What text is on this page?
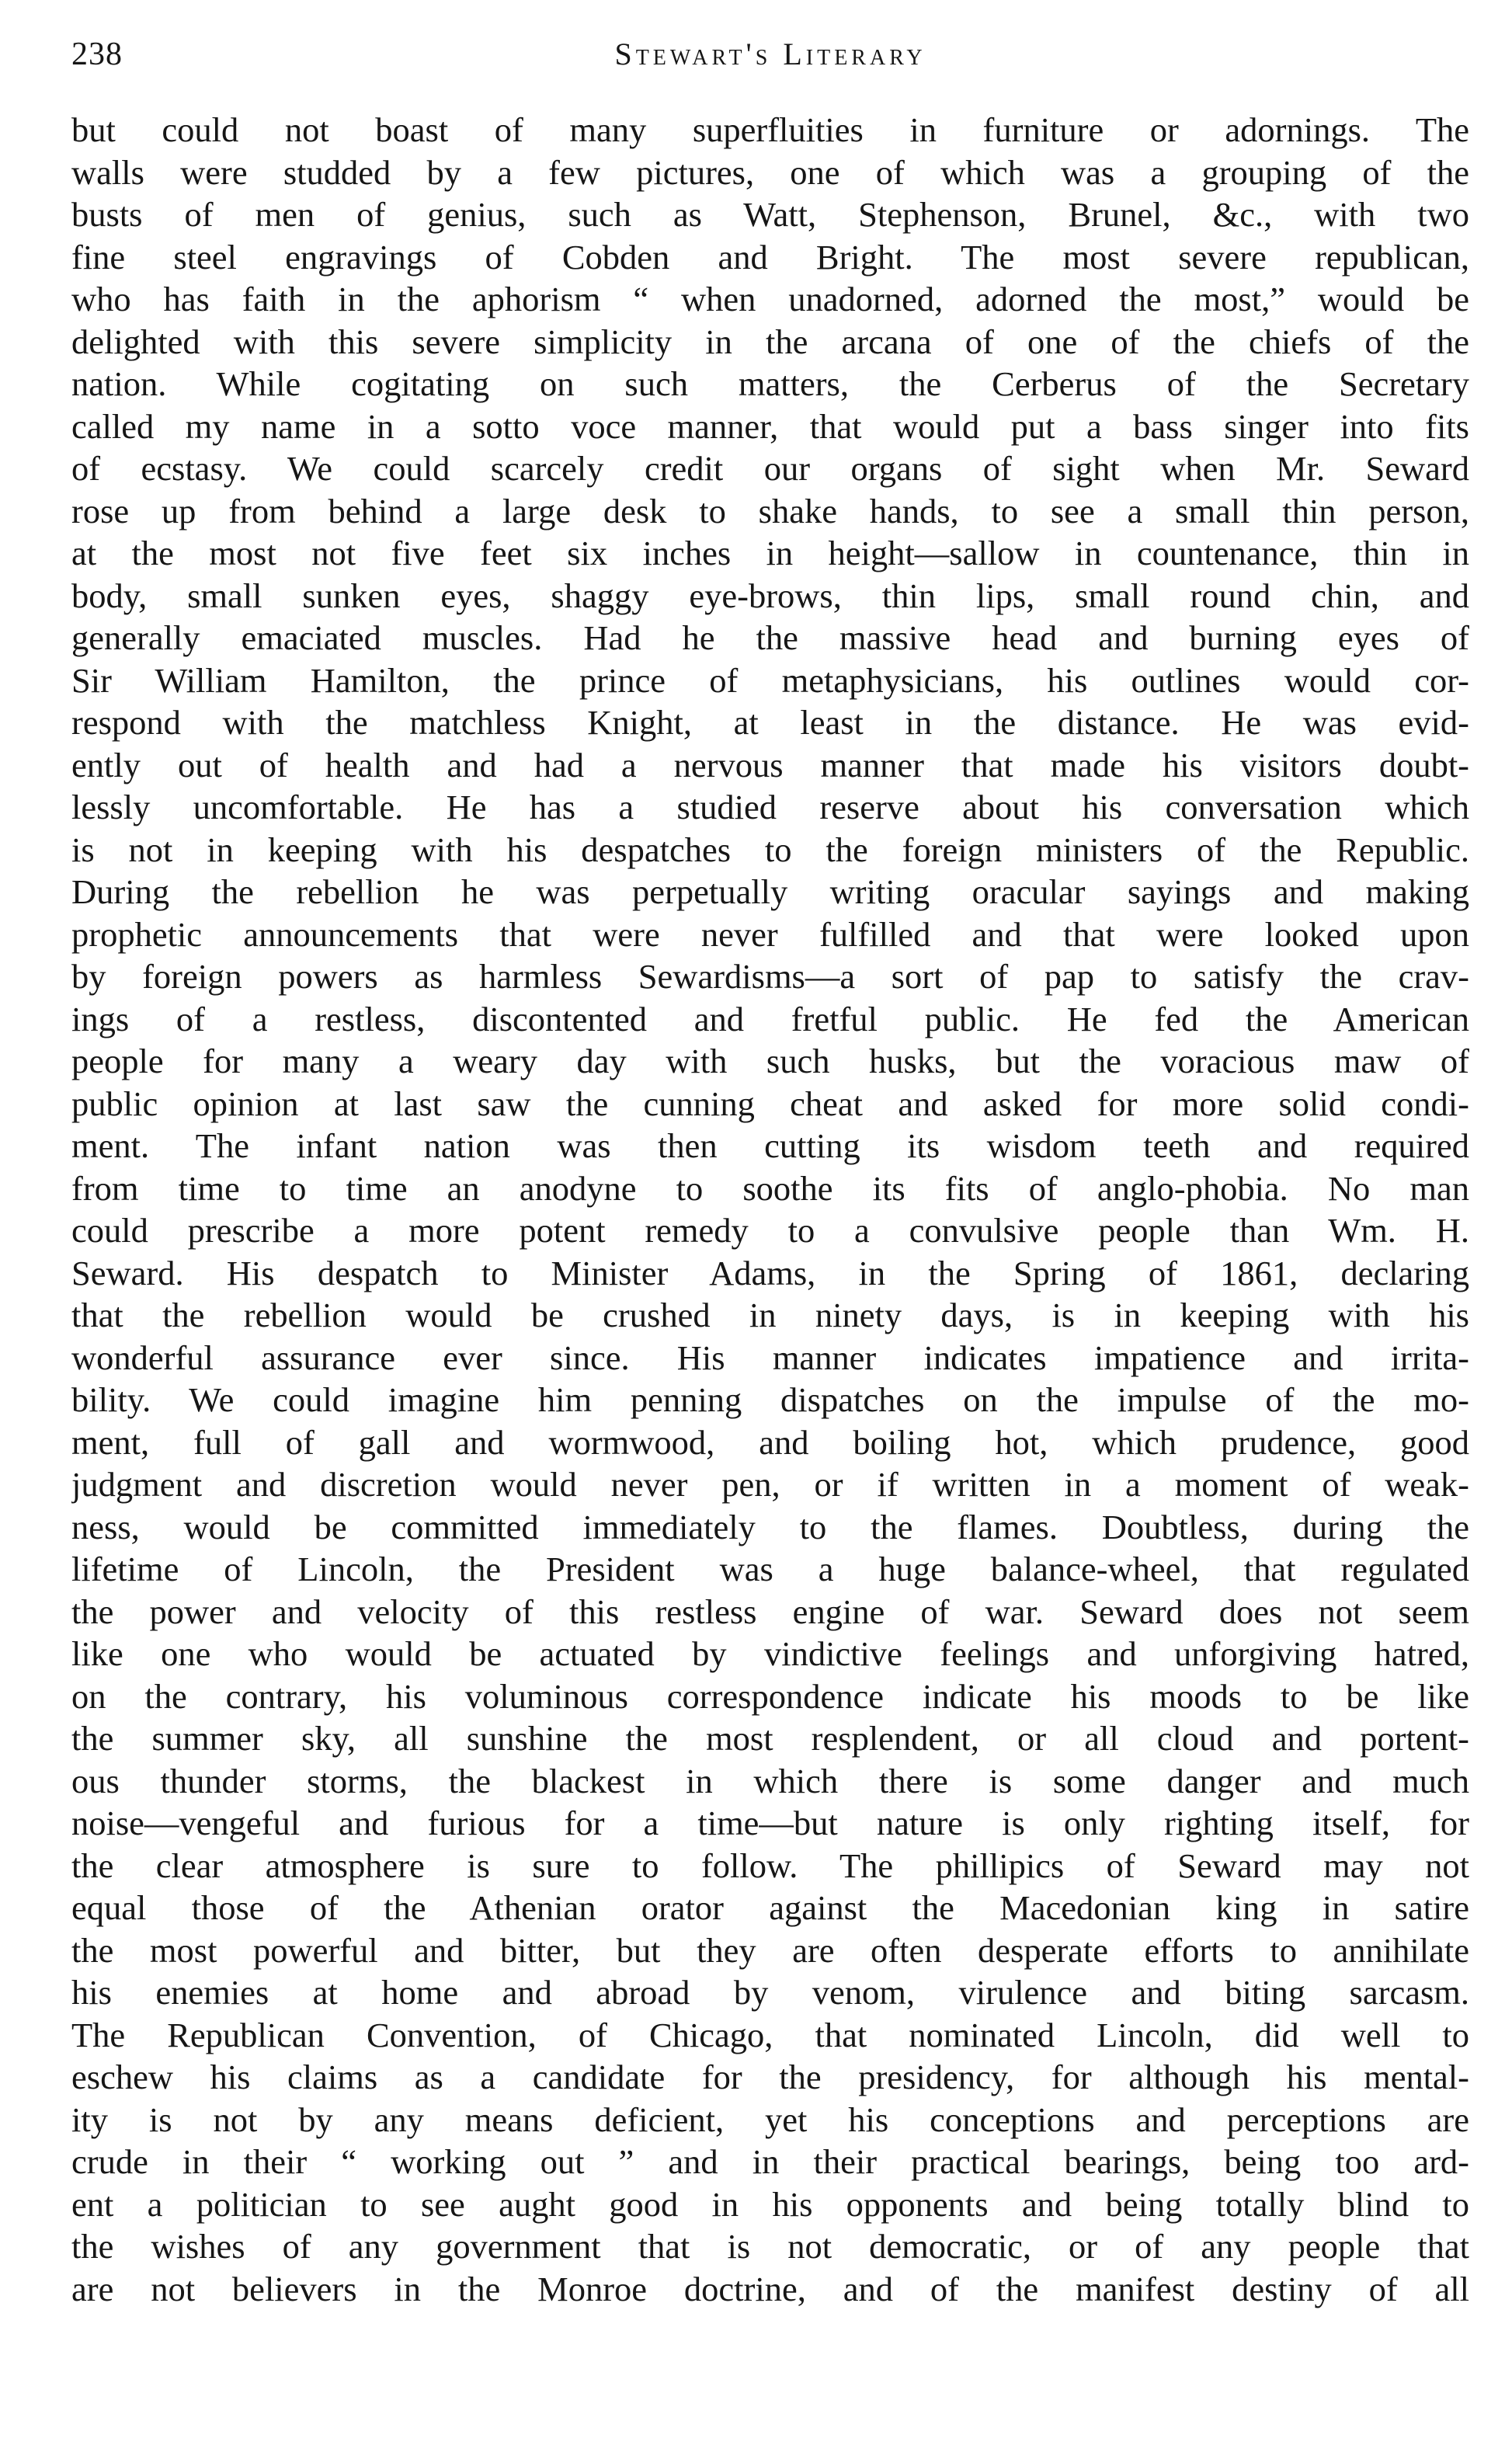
238	Stewart's Literary
but could not boast of many superfluities in furniture or adornings. The
walls were studded by a few pictures, one of which was a grouping of the
busts of men of genius, such as Watt, Stephenson, Brunel, &c., with two
fine steel engravings of Cobden and Bright. The most severe republican,
who has faith in the aphorism “ when unadorned, adorned the most,” would be
delighted with this severe simplicity in the arcana of one of the chiefs of the
nation. While cogitating on such matters, the Cerberus of the Secretary
called my name in a sotto voce manner, that would put a bass singer into fits
of ecstasy. We could scarcely credit our organs of sight when Mr. Seward
rose up from behind a large desk to shake hands, to see a small thin person,
at the most not five feet six inches in height—sallow in countenance, thin in
body, small sunken eyes, shaggy eye-brows, thin lips, small round chin, and
generally emaciated muscles. Had he the massive head and burning eyes of
Sir William Hamilton, the prince of metaphysicians, his outlines would cor-
respond with the matchless Knight, at least in the distance. He was evid-
ently out of health and had a nervous manner that made his visitors doubt-
lessly uncomfortable. He has a studied reserve about his conversation which
is not in keeping with his despatches to the foreign ministers of the Republic.
During the rebellion he was perpetually writing oracular sayings and making
prophetic announcements that were never fulfilled and that were looked upon
by foreign powers as harmless Sewardisms—a sort of pap to satisfy the crav-
ings of a restless, discontented and fretful public. He fed the American
people for many a weary day with such husks, but the voracious maw of
public opinion at last saw the cunning cheat and asked for more solid condi-
ment. The infant nation was then cutting its wisdom teeth and required
from time to time an anodyne to soothe its fits of anglo-phobia. No man
could prescribe a more potent remedy to a convulsive people than Wm. H.
Seward. His despatch to Minister Adams, in the Spring of 1861, declaring
that the rebellion would be crushed in ninety days, is in keeping with his
wonderful assurance ever since. His manner indicates impatience and irrita-
bility. We could imagine him penning dispatches on the impulse of the mo-
ment, full of gall and wormwood, and boiling hot, which prudence, good
judgment and discretion would never pen, or if written in a moment of weak-
ness, would be committed immediately to the flames. Doubtless, during the
lifetime of Lincoln, the President was a huge balance-wheel, that regulated
the power and velocity of this restless engine of war. Seward does not seem
like one who would be actuated by vindictive feelings and unforgiving hatred,
on the contrary, his voluminous correspondence indicate his moods to be like
the summer sky, all sunshine the most resplendent, or all cloud and portent-
ous thunder storms, the blackest in which there is some danger and much
noise—vengeful and furious for a time—but nature is only righting itself, for
the clear atmosphere is sure to follow. The phillipics of Seward may not
equal those of the Athenian orator against the Macedonian king in satire
the most powerful and bitter, but they are often desperate efforts to annihilate
his enemies at home and abroad by venom, virulence and biting sarcasm.
The Republican Convention, of Chicago, that nominated Lincoln, did well to
eschew his claims as a candidate for the presidency, for although his mental-
ity is not by any means deficient, yet his conceptions and perceptions are
crude in their “ working out ” and in their practical bearings, being too ard-
ent a politician to see aught good in his opponents and being totally blind to
the wishes of any government that is not democratic, or of any people that
are not believers in the Monroe doctrine, and of the manifest destiny of all
